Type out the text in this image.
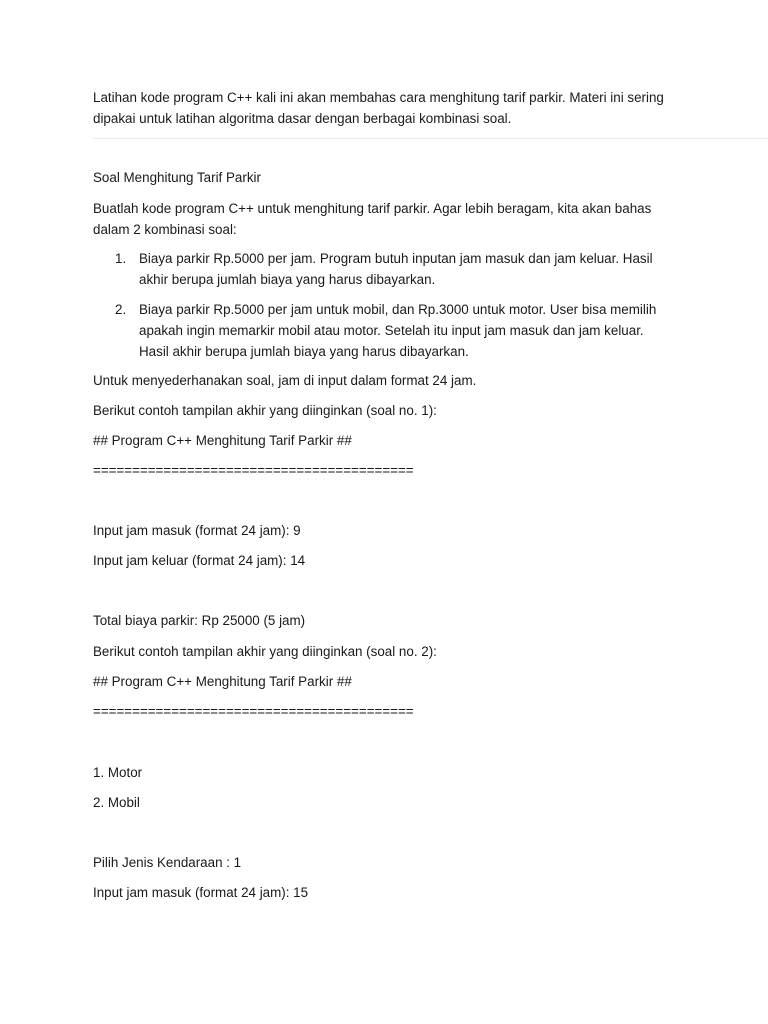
Latihan kode program C++ kali ini akan membahas cara menghitung tarif parkir. Materi ini sering dipakai untuk latihan algoritma dasar dengan berbagai kombinasi soal.

Soal Menghitung Tarif Parkir

Buatlah kode program C++ untuk menghitung tarif parkir. Agar lebih beragam, kita akan bahas dalam 2 kombinasi soal:

1. Biaya parkir Rp.5000 per jam. Program butuh inputan jam masuk dan jam keluar. Hasil akhir berupa jumlah biaya yang harus dibayarkan.
2. Biaya parkir Rp.5000 per jam untuk mobil, dan Rp.3000 untuk motor. User bisa memilih apakah ingin memarkir mobil atau motor. Setelah itu input jam masuk dan jam keluar. Hasil akhir berupa jumlah biaya yang harus dibayarkan.

Untuk menyederhanakan soal, jam di input dalam format 24 jam.

Berikut contoh tampilan akhir yang diinginkan (soal no. 1):

## Program C++ Menghitung Tarif Parkir ##

=========================================

Input jam masuk (format 24 jam): 9

Input jam keluar (format 24 jam): 14

Total biaya parkir: Rp 25000 (5 jam)

Berikut contoh tampilan akhir yang diinginkan (soal no. 2):

## Program C++ Menghitung Tarif Parkir ##

=========================================

1. Motor

2. Mobil

Pilih Jenis Kendaraan : 1

Input jam masuk (format 24 jam): 15
